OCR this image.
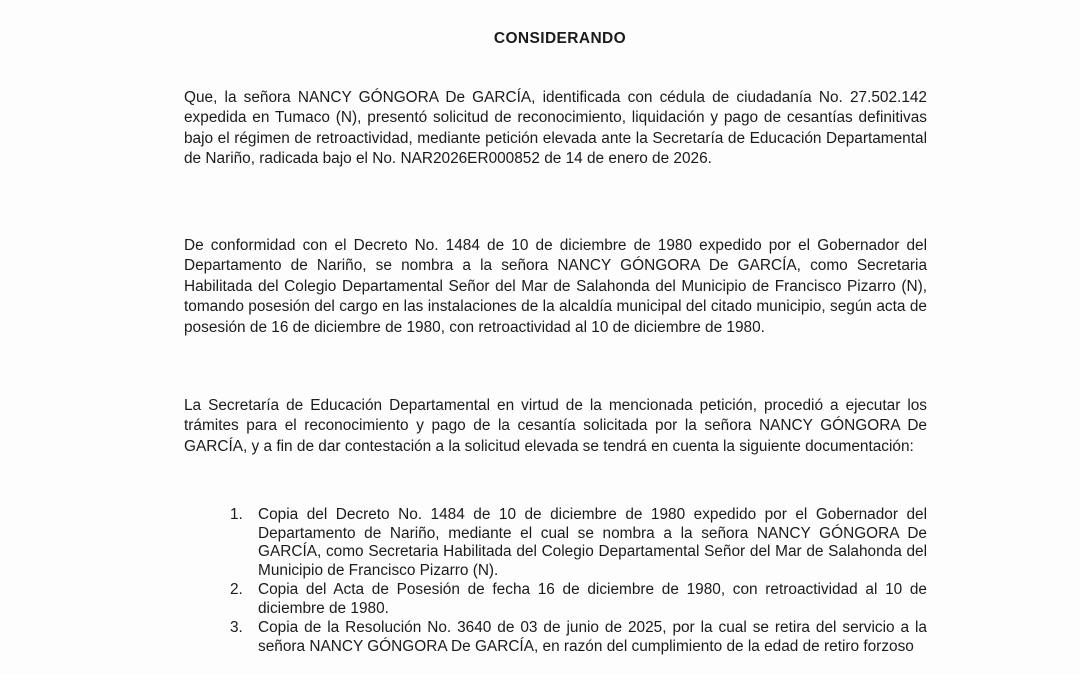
CONSIDERANDO

Que, la señora NANCY GÓNGORA De GARCÍA, identificada con cédula de ciudadanía No. 27.502.142 expedida en Tumaco (N), presentó solicitud de reconocimiento, liquidación y pago de cesantías definitivas bajo el régimen de retroactividad, mediante petición elevada ante la Secretaría de Educación Departamental de Nariño, radicada bajo el No. NAR2026ER000852 de 14 de enero de 2026.

De conformidad con el Decreto No. 1484 de 10 de diciembre de 1980 expedido por el Gobernador del Departamento de Nariño, se nombra a la señora NANCY GÓNGORA De GARCÍA, como Secretaria Habilitada del Colegio Departamental Señor del Mar de Salahonda del Municipio de Francisco Pizarro (N), tomando posesión del cargo en las instalaciones de la alcaldía municipal del citado municipio, según acta de posesión de 16 de diciembre de 1980, con retroactividad al 10 de diciembre de 1980.

La Secretaría de Educación Departamental en virtud de la mencionada petición, procedió a ejecutar los trámites para el reconocimiento y pago de la cesantía solicitada por la señora NANCY GÓNGORA De GARCÍA, y a fin de dar contestación a la solicitud elevada se tendrá en cuenta la siguiente documentación:

1. Copia del Decreto No. 1484 de 10 de diciembre de 1980 expedido por el Gobernador del Departamento de Nariño, mediante el cual se nombra a la señora NANCY GÓNGORA De GARCÍA, como Secretaria Habilitada del Colegio Departamental Señor del Mar de Salahonda del Municipio de Francisco Pizarro (N).
2. Copia del Acta de Posesión de fecha 16 de diciembre de 1980, con retroactividad al 10 de diciembre de 1980.
3. Copia de la Resolución No. 3640 de 03 de junio de 2025, por la cual se retira del servicio a la señora NANCY GÓNGORA De GARCÍA, en razón del cumplimiento de la edad de retiro forzoso
